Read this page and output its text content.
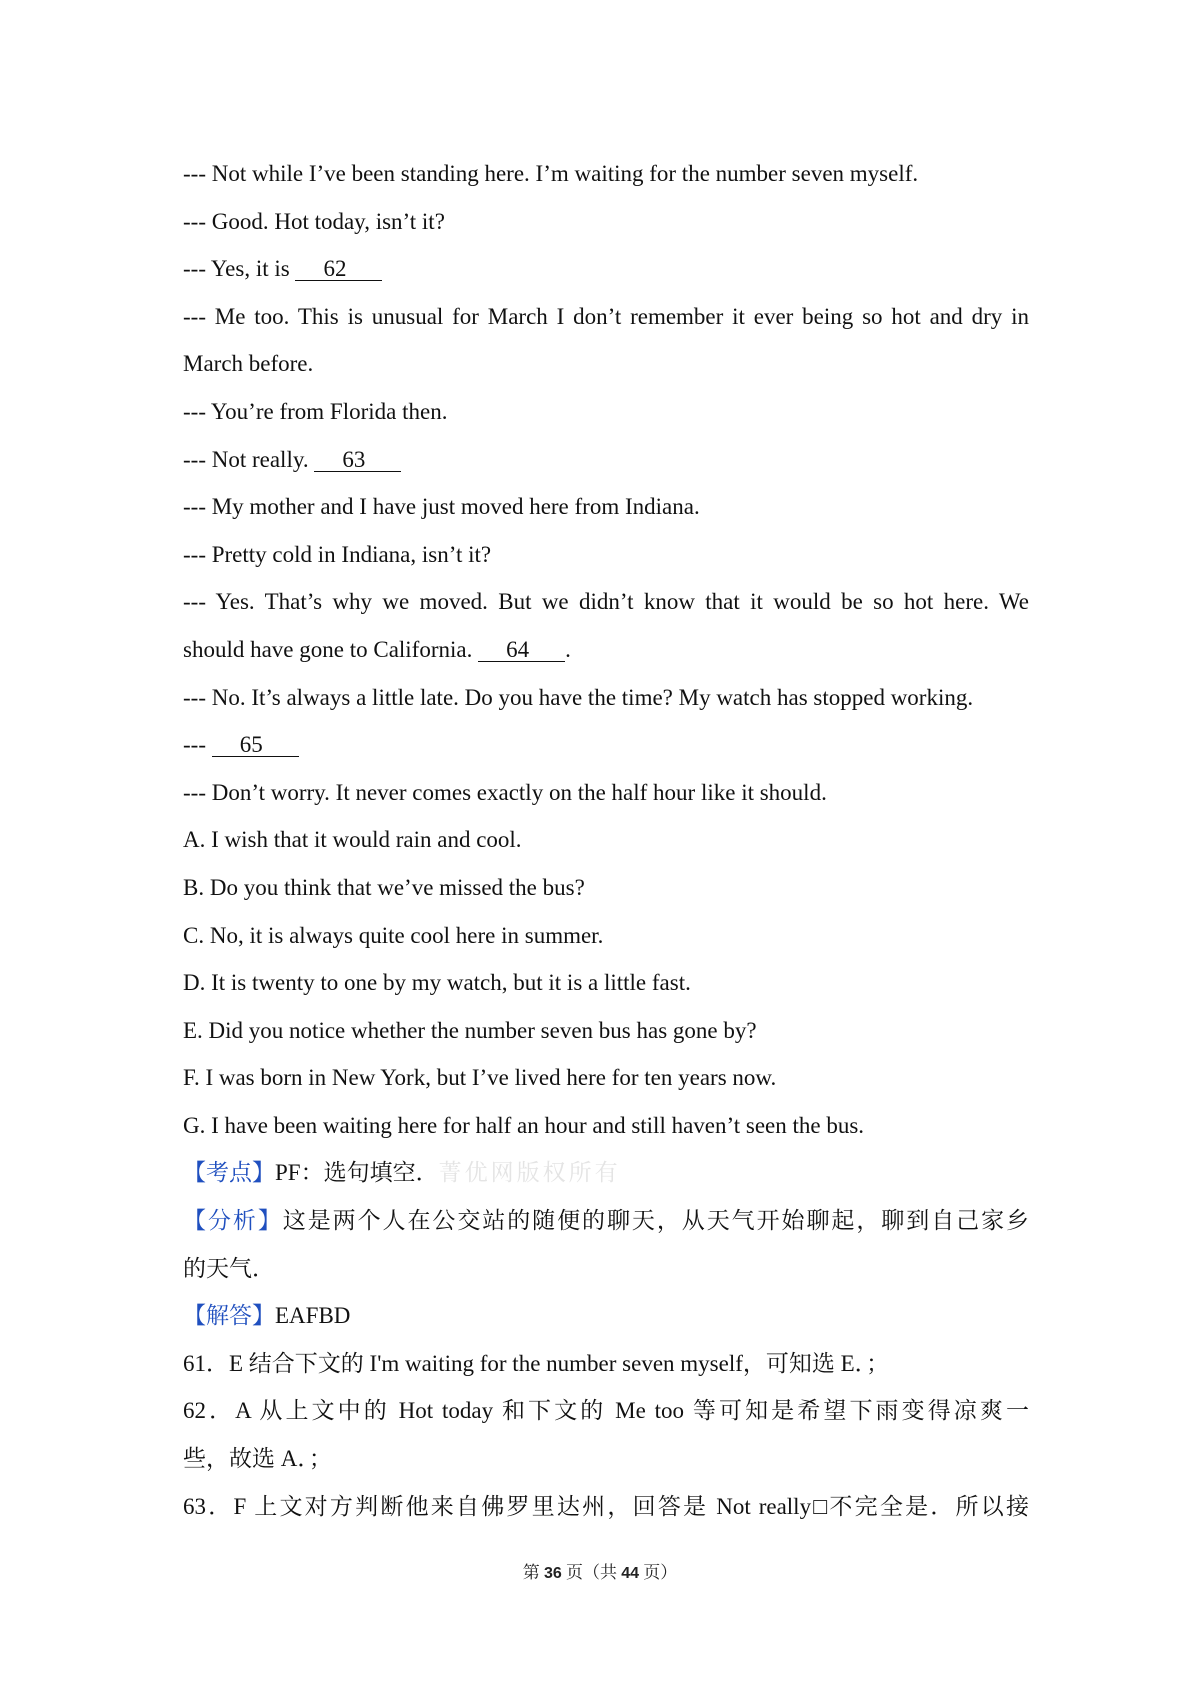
--- Not while I’ve been standing here. I’m waiting for the number seven myself.
--- Good. Hot today, isn’t it?
--- Yes, it is 62
--- Me too. This is unusual for March I don’t remember it ever being so hot and dry in
March before.
--- You’re from Florida then.
--- Not really. 63
--- My mother and I have just moved here from Indiana.
--- Pretty cold in Indiana, isn’t it?
--- Yes. That’s why we moved. But we didn’t know that it would be so hot here. We
should have gone to California. 64 .
--- No. It’s always a little late. Do you have the time? My watch has stopped working.
--- 65
--- Don’t worry. It never comes exactly on the half hour like it should.
A. I wish that it would rain and cool.
B. Do you think that we’ve missed the bus?
C. No, it is always quite cool here in summer.
D. It is twenty to one by my watch, but it is a little fast.
E. Did you notice whether the number seven bus has gone by?
F. I was born in New York, but I’ve lived here for ten years now.
G. I have been waiting here for half an hour and still haven’t seen the bus.
【考点】PF：选句填空．菁优网版权所有
【分析】这是两个人在公交站的随便的聊天，从天气开始聊起，聊到自己家乡
的天气．
【解答】EAFBD
61．E 结合下文的 I'm waiting for the number seven myself，可知选 E．；
62．A 从上文中的 Hot today 和下文的 Me too 等可知是希望下雨变得凉爽一
些，故选 A．；
63．F 上文对方判断他来自佛罗里达州，回答是 Not really□不完全是．所以接
第 36 页（共 44 页）
